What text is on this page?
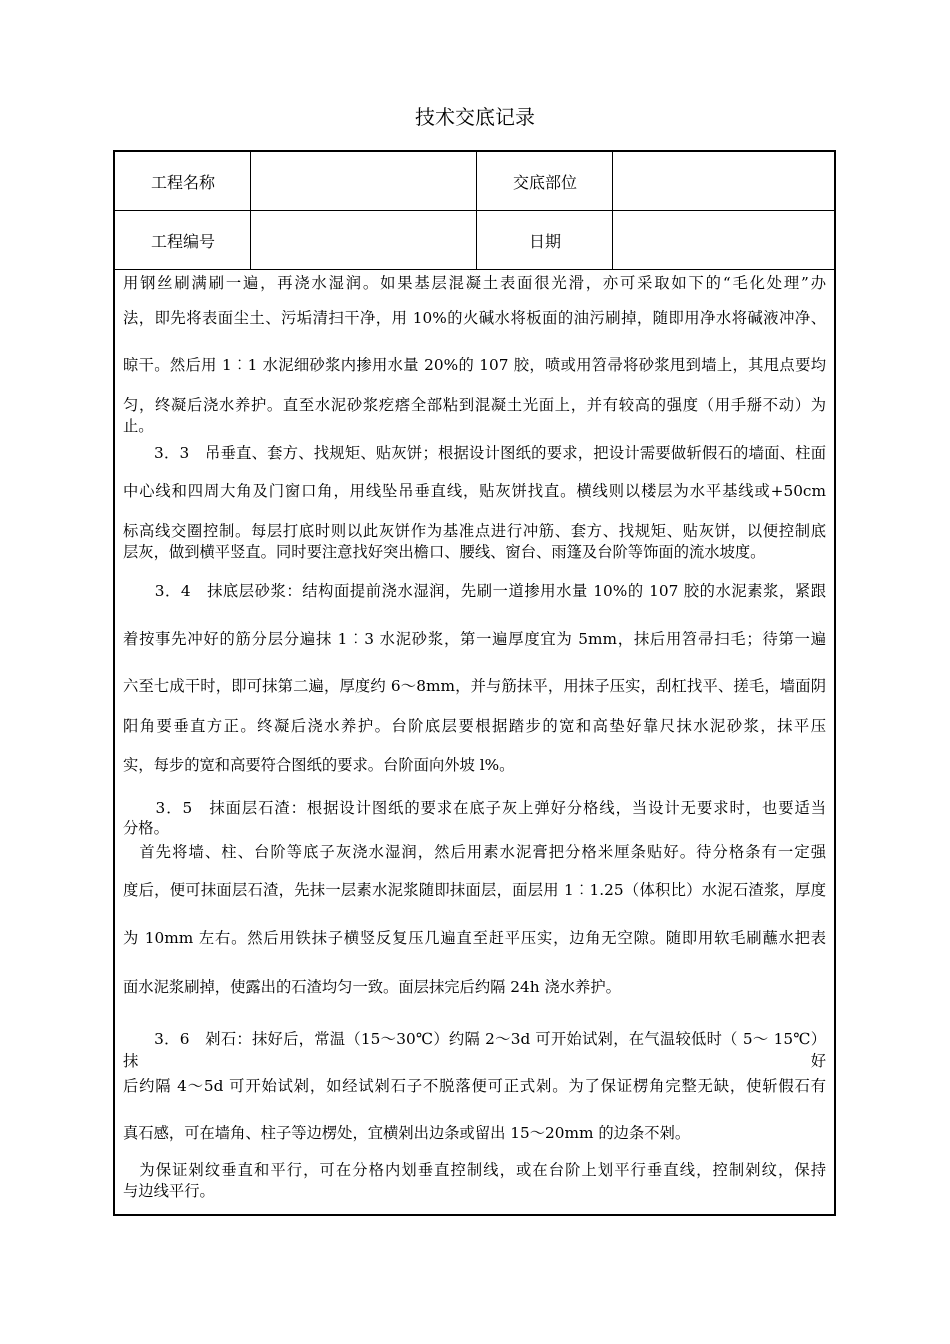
技术交底记录
工程名称	交底部位
工程编号	日期

用钢丝刷满刷一遍，再浇水湿润。如果基层混凝土表面很光滑，亦可采取如下的“毛化处理”办

法，即先将表面尘土、污垢清扫干净，用 10%的火碱水将板面的油污刷掉，随即用净水将碱液冲净、

晾干。然后用 1︰1 水泥细砂浆内掺用水量 20%的 107 胶，喷或用笤帚将砂浆甩到墙上，其甩点要均

匀，终凝后浇水养护。直至水泥砂浆疙瘩全部粘到混凝土光面上，并有较高的强度（用手掰不动）为

止。

　　3．3　吊垂直、套方、找规矩、贴灰饼；根据设计图纸的要求，把设计需要做斩假石的墙面、柱面

中心线和四周大角及门窗口角，用线坠吊垂直线，贴灰饼找直。横线则以楼层为水平基线或+50cm

标高线交圈控制。每层打底时则以此灰饼作为基准点进行冲筋、套方、找规矩、贴灰饼，以便控制底

层灰，做到横平竖直。同时要注意找好突出檐口、腰线、窗台、雨篷及台阶等饰面的流水坡度。

　　3．4　抹底层砂浆：结构面提前浇水湿润，先刷一道掺用水量 10%的 107 胶的水泥素浆，紧跟

着按事先冲好的筋分层分遍抹 1︰3 水泥砂浆，第一遍厚度宜为 5mm，抹后用笤帚扫毛；待第一遍

六至七成干时，即可抹第二遍，厚度约 6～8mm，并与筋抹平，用抹子压实，刮杠找平、搓毛，墙面阴

阳角要垂直方正。终凝后浇水养护。台阶底层要根据踏步的宽和高垫好靠尺抹水泥砂浆，抹平压

实，每步的宽和高要符合图纸的要求。台阶面向外坡 l%。

　　3．5　抹面层石渣：根据设计图纸的要求在底子灰上弹好分格线，当设计无要求时，也要适当

分格。

　首先将墙、柱、台阶等底子灰浇水湿润，然后用素水泥膏把分格米厘条贴好。待分格条有一定强

度后，便可抹面层石渣，先抹一层素水泥浆随即抹面层，面层用 1︰1.25（体积比）水泥石渣浆，厚度

为 10mm 左右。然后用铁抹子横竖反复压几遍直至赶平压实，边角无空隙。随即用软毛刷蘸水把表

面水泥浆刷掉，使露出的石渣均匀一致。面层抹完后约隔 24h 浇水养护。

　　3．6　剁石：抹好后，常温（15～30℃）约隔 2～3d 可开始试剁，在气温较低时（ 5～ 15℃）抹好

后约隔 4～5d 可开始试剁，如经试剁石子不脱落便可正式剁。为了保证楞角完整无缺，使斩假石有

真石感，可在墙角、柱子等边楞处，宜横剁出边条或留出 15～20mm 的边条不剁。

　为保证剁纹垂直和平行，可在分格内划垂直控制线，或在台阶上划平行垂直线，控制剁纹，保持

与边线平行。
